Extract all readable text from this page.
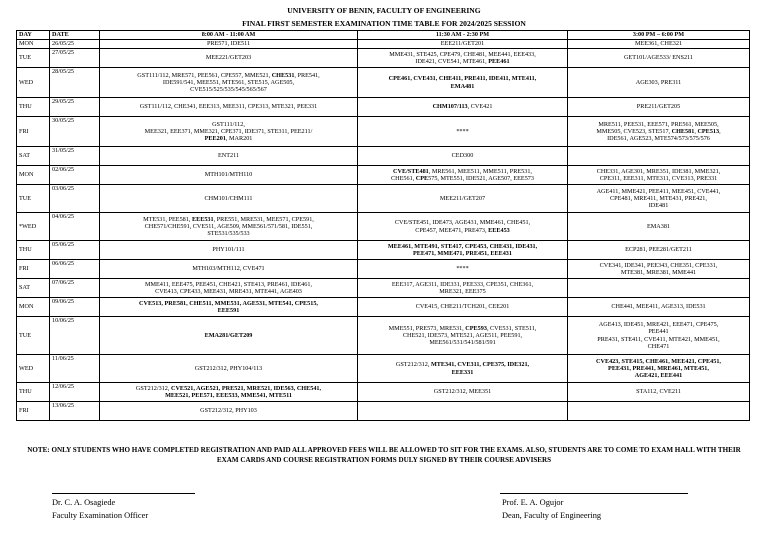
UNIVERSITY OF BENIN, FACULTY OF ENGINEERING
FINAL FIRST SEMESTER EXAMINATION TIME TABLE FOR 2024/2025 SESSION
DAY	DATE	8:00 AM - 11:00 AM	11:30 AM - 2:30 PM	3:00 PM – 6:00 PM
MON	26/05/25	PRE571, IDE511	EEE211/GET201	MEE361, CHE321
TUE	27/05/25	MEE221/GET203	MME431, STE425, CPE479, CHE481, MEE441, EEE433,
IDE421, CVE541, MTE461, PEE461	GET101/AGE533/ ENS211
WED	28/05/25	GST111/112, MRE571, PEE561, CPE557, MME521, CHE531, PRE541,
IDE591/541, MEE551, MTE561, STE515, AGE505,
CVE515/525/535/545/565/567	CPE461, CVE431, CHE411, PRE411, IDE411, MTE411,
EMA481	AGE303, PRE311
THU	29/05/25	GST111/112, CHE341, EEE313, MEE311, CPE313, MTE321, PEE331	CHM107/113, CVE421	PRE211/GET205
FRI	30/05/25	GST111/112,
MEE321, EEE371, MME321, CPE371, IDE371, STE311, PEE211/
PEE201, MAR201	****	MRE511, PEE531, EEE571, PRE561, MEE505,
MME505, CVE523, STE517, CHE581, CPE513,
IDE561, AGE523, MTE574/573/575/576
SAT	31/05/25	ENT211	CED300	
MON	02/06/25	MTH101/MTH110	CVE/STE481, MRE561, MEE511, MME511, PRE531,
CHE561, CPE575, MTE551, IDE521, AGE507, EEE573	CHE331, AGE301, MRE351, IDE381, MME321,
CPE311, EEE311, MTE311, CVE313, PRE331
TUE	03/06/25	CHM101/CHM111	MEE211/GET207	AGE411, MME421, PEE411, MEE451, CVE441,
CPE481, MRE411, MTE431, PRE421,
IDE481
*WED	04/06/25	MTE531, PEE581, EEE531, PRE551, MRE531, MEE571, CPE591,
CHE571/CHE591, CVE511, AGE509, MME561/571/581, IDE551,
STE531/535/533	CVE/STE451, IDE473, AGE431, MME461, CHE451,
CPE457, MEE471, PRE473, EEE453	EMA381
THU	05/06/25	PHY101/111	MEE461, MTE491, STE417, CPE453, CHE431, IDE431,
PEE471, MME471, PRE451, EEE431	ECP281, PEE281/GET211
FRI	06/06/25	MTH103/MTH112, CVE471	****	CVE341, IDE341, PEE343, CHE351, CPE331,
MTE381, MRE381, MME441
SAT	07/06/25	MME411, EEE475, PEE451, CHE421, STE413, PRE461, IDE461,
CVE413, CPE433, MEE431, MRE431, MTE441, AGE403	EEE317, AGE311, IDE331, PEE333, CPE351, CHE361,
MRE321, EEE375	
MON	09/06/25	CVE513, PRE581, CHE511, MME531, AGE531, MTE541, CPE515,
EEE591	CVE415, CHE211/TCH201, CEE201	CHE441, MEE411, AGE313, IDE531
TUE	10/06/25	EMA281/GET209	MME551, PRE573, MRE531, CPE593, CVE531, STE511,
CHE521, IDE573, MTE521, AGE511, PEE591,
MEE561/531/541/581/591	AGE413, IDE451, MRE421, EEE471, CPE475,
PEE441
PRE431, STE411, CVE411, MTE421, MME451,
CHE471
WED	11/06/25	GST212/312, PHY104/113	GST212/312, MTE341, CVE311, CPE375, IDE321,
EEE331	CVE423, STE415, CHE461, MEE421, CPE451,
PEE431, PRE441, MRE461, MTE451,
AGE421, EEE441
THU	12/06/25	GST212/312, CVE521, AGE521, PRE521, MRE521, IDE563, CHE541,
MEE521, PEE571, EEE533, MME541, MTE511	GST212/312, MEE351	STA112, CVE211
FRI	13/06/25	GST212/312, PHY103		
NOTE: ONLY STUDENTS WHO HAVE COMPLETED REGISTRATION AND PAID ALL APPROVED FEES WILL BE ALLOWED TO SIT FOR THE EXAMS. ALSO, STUDENTS ARE TO COME TO EXAM HALL WITH THEIR EXAM CARDS AND COURSE REGISTRATION FORMS DULY SIGNED BY THEIR COURSE ADVISERS
Dr. C. A. Osagiede
Faculty Examination Officer
Prof. E. A. Ogujor
Dean, Faculty of Engineering
